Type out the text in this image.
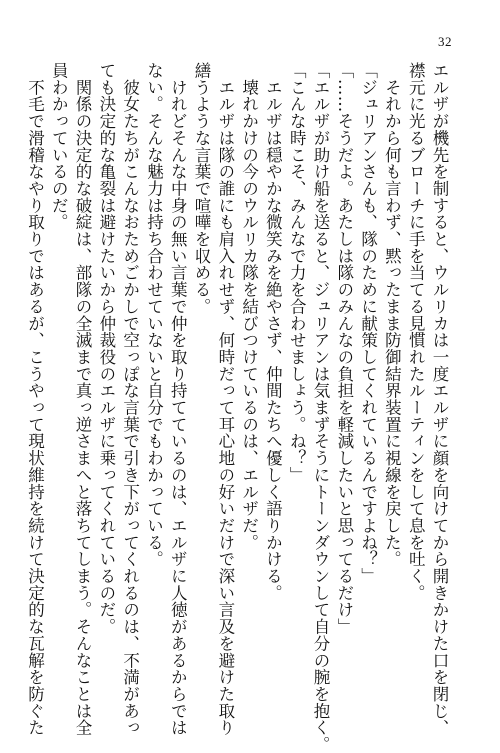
32
エルザが機先を制すると、ウルリカは一度エルザに顔を向けてから開きかけた口を閉じ、
襟元に光るブローチに手を当てる見慣れたルーティンをして息を吐く。
　それから何も言わず、黙ったまま防御結界装置に視線を戻した。
「ジュリアンさんも、隊のために献策してくれているんですよね？」
「……そうだよ。あたしは隊のみんなの負担を軽減したいと思ってるだけ」
「エルザが助け船を送ると、ジュリアンは気まずそうにトーンダウンして自分の腕を抱く。
「こんな時こそ、みんなで力を合わせましょう。ね？」
　エルザは穏やかな微笑みを絶やさず、仲間たちへ優しく語りかける。
　壊れかけの今のウルリカ隊を結びつけているのは、エルザだ。
　エルザは隊の誰にも肩入れせず、何時だって耳心地の好いだけで深い言及を避けた取り
繕うような言葉で喧嘩を収める。
　けれどそんな中身の無い言葉で仲を取り持てているのは、エルザに人徳があるからでは
ない。そんな魅力は持ち合わせていないと自分でもわかっている。
　彼女たちがこんなおためごかしで空っぽな言葉で引き下がってくれるのは、不満があっ
ても決定的な亀裂は避けたいから仲裁役のエルザに乗ってくれているのだ。
　関係の決定的な破綻は、部隊の全滅まで真っ逆さまへと落ちてしまう。そんなことは全
員わかっているのだ。
　不毛で滑稽なやり取りではあるが、こうやって現状維持を続けて決定的な瓦解を防ぐた
